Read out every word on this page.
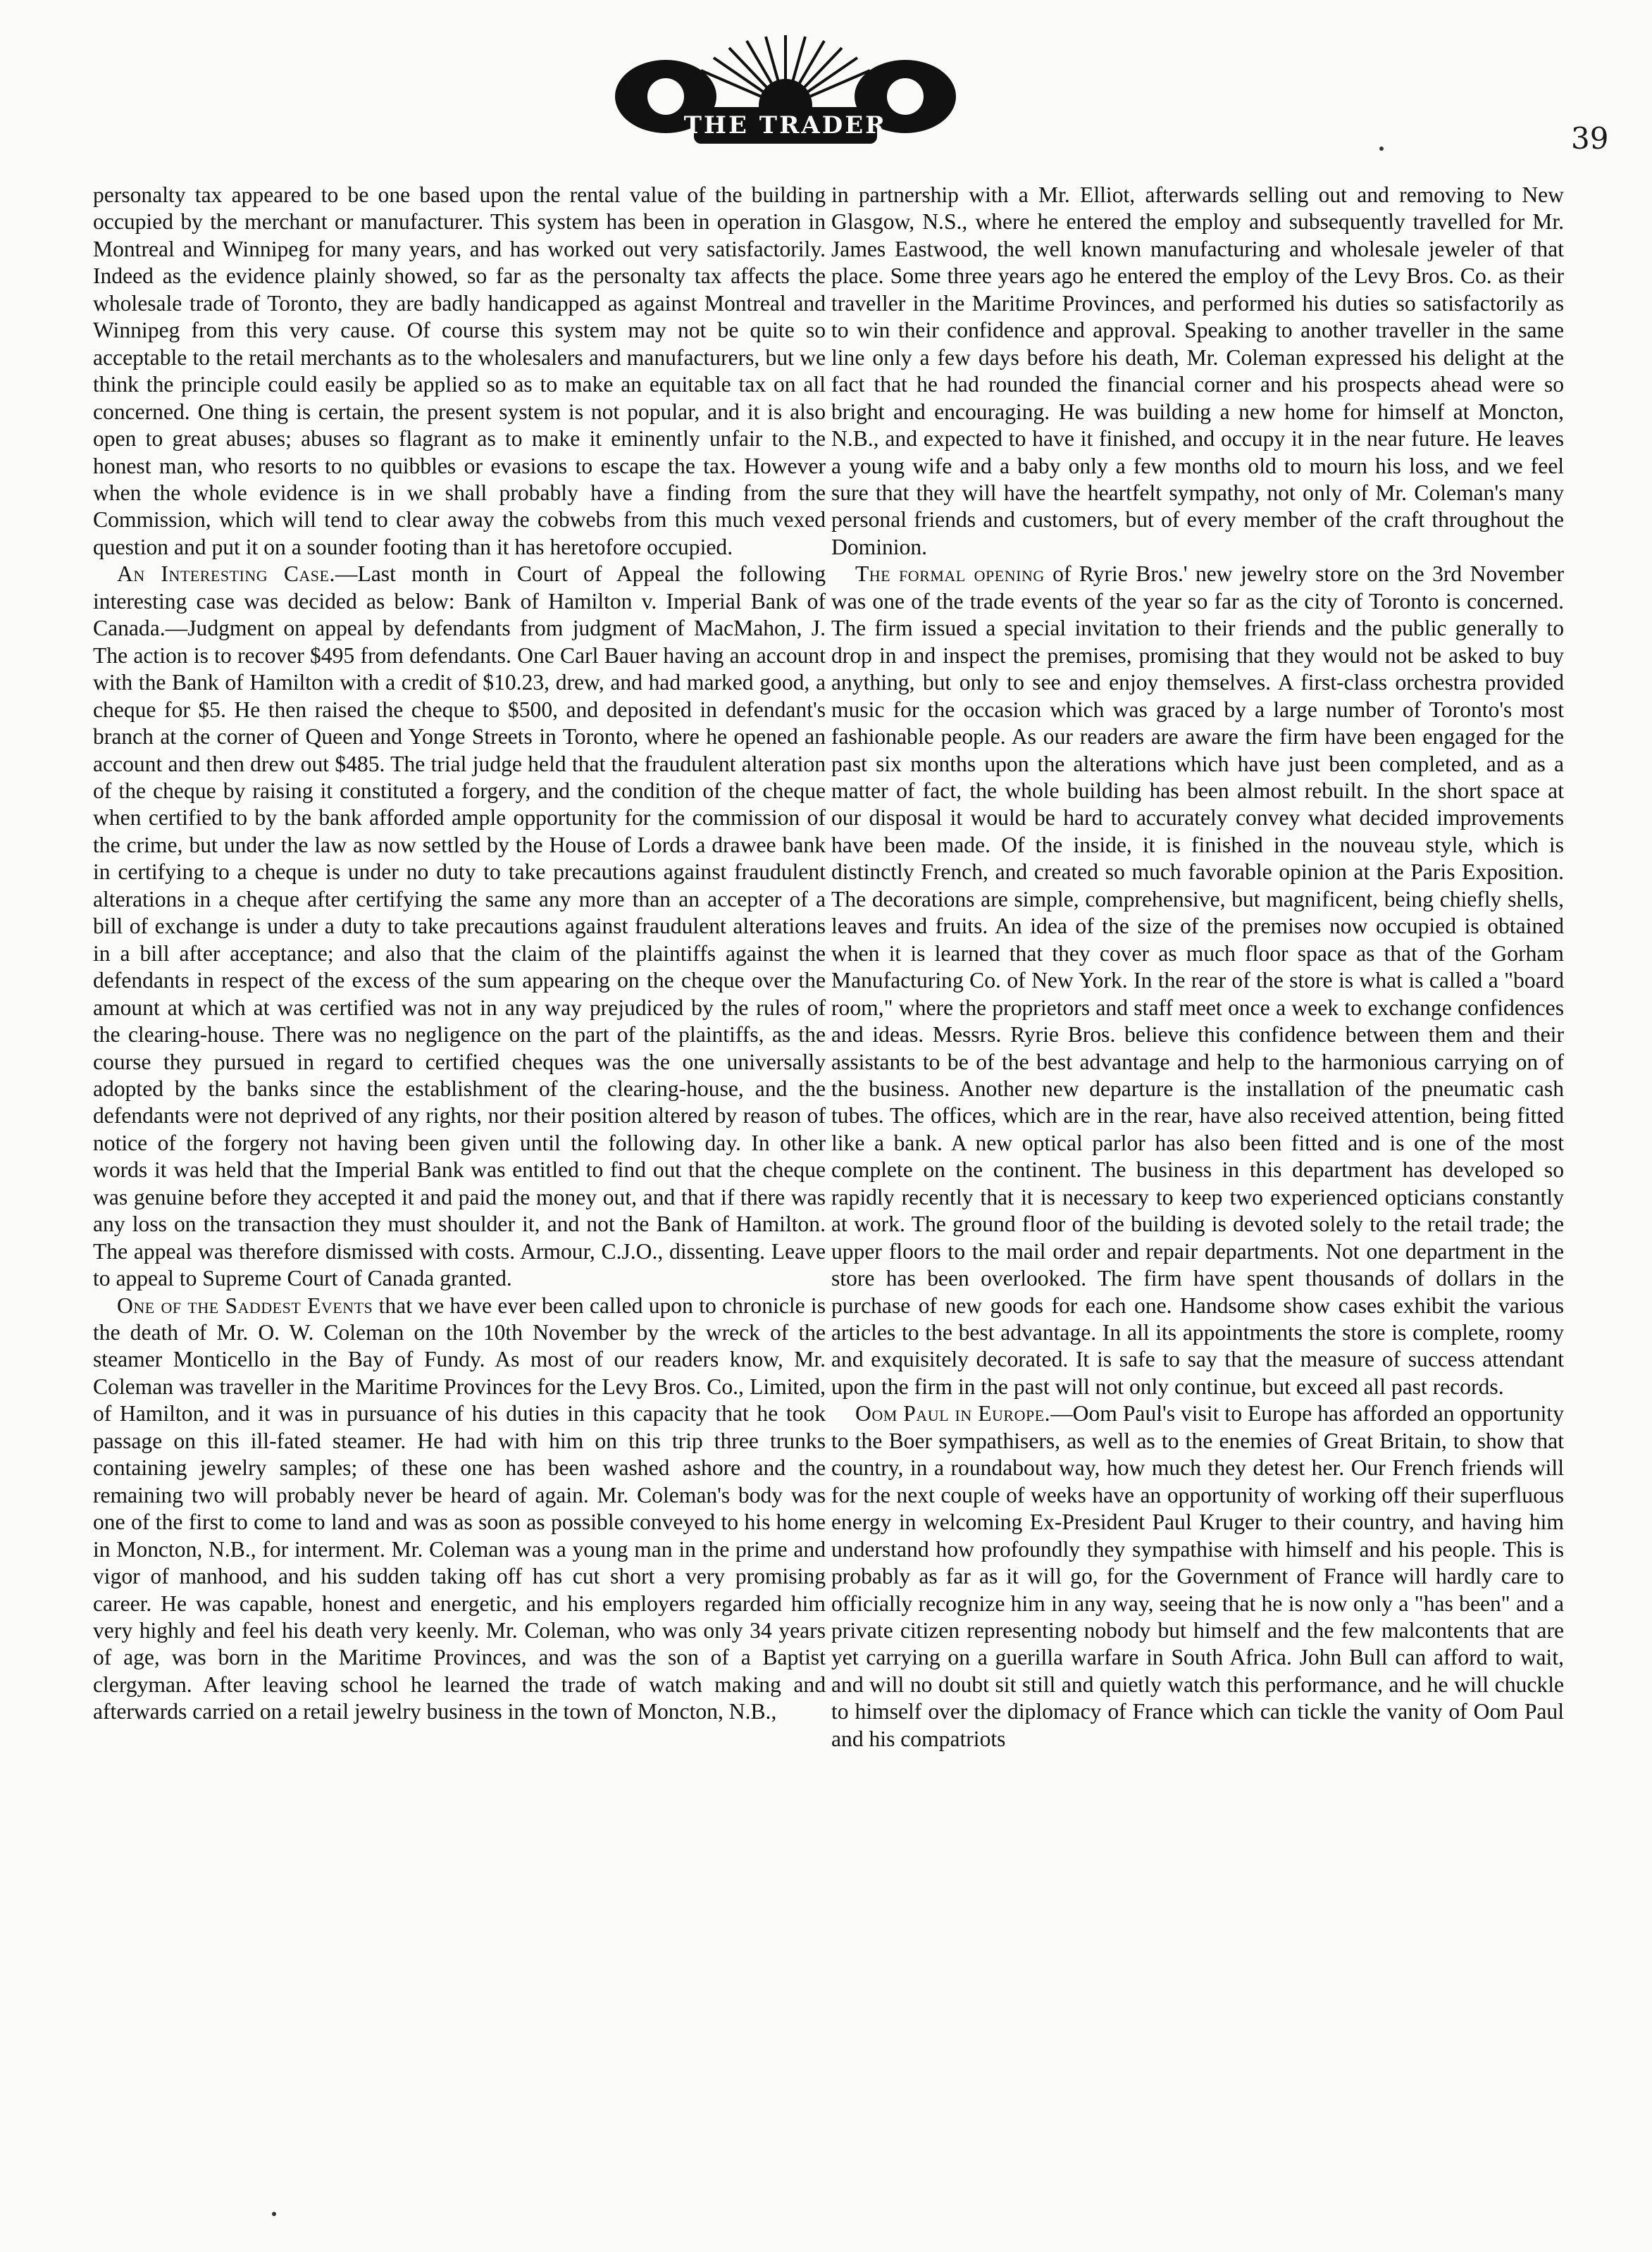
THE TRADER	39

personalty tax appeared to be one based upon the rental value of the building occupied by the merchant or manufacturer. This system has been in operation in Montreal and Winnipeg for many years, and has worked out very satisfactorily. Indeed as the evidence plainly showed, so far as the personalty tax affects the wholesale trade of Toronto, they are badly handicapped as against Montreal and Winnipeg from this very cause. Of course this system may not be quite so acceptable to the retail merchants as to the wholesalers and manufacturers, but we think the principle could easily be applied so as to make an equitable tax on all concerned. One thing is certain, the present system is not popular, and it is also open to great abuses; abuses so flagrant as to make it eminently unfair to the honest man, who resorts to no quibbles or evasions to escape the tax. However when the whole evidence is in we shall probably have a finding from the Commission, which will tend to clear away the cobwebs from this much vexed question and put it on a sounder footing than it has heretofore occupied.

An Interesting Case.—Last month in Court of Appeal the following interesting case was decided as below: Bank of Hamilton v. Imperial Bank of Canada.—Judgment on appeal by defendants from judgment of MacMahon, J. The action is to recover $495 from defendants. One Carl Bauer having an account with the Bank of Hamilton with a credit of $10.23, drew, and had marked good, a cheque for $5. He then raised the cheque to $500, and deposited in defendant's branch at the corner of Queen and Yonge Streets in Toronto, where he opened an account and then drew out $485. The trial judge held that the fraudulent alteration of the cheque by raising it constituted a forgery, and the condition of the cheque when certified to by the bank afforded ample opportunity for the commission of the crime, but under the law as now settled by the House of Lords a drawee bank in certifying to a cheque is under no duty to take precautions against fraudulent alterations in a cheque after certifying the same any more than an accepter of a bill of exchange is under a duty to take precautions against fraudulent alterations in a bill after acceptance; and also that the claim of the plaintiffs against the defendants in respect of the excess of the sum appearing on the cheque over the amount at which at was certified was not in any way prejudiced by the rules of the clearing-house. There was no negligence on the part of the plaintiffs, as the course they pursued in regard to certified cheques was the one universally adopted by the banks since the establishment of the clearing-house, and the defendants were not deprived of any rights, nor their position altered by reason of notice of the forgery not having been given until the following day. In other words it was held that the Imperial Bank was entitled to find out that the cheque was genuine before they accepted it and paid the money out, and that if there was any loss on the transaction they must shoulder it, and not the Bank of Hamilton. The appeal was therefore dismissed with costs. Armour, C.J.O., dissenting. Leave to appeal to Supreme Court of Canada granted.

One of the Saddest Events that we have ever been called upon to chronicle is the death of Mr. O. W. Coleman on the 10th November by the wreck of the steamer Monticello in the Bay of Fundy. As most of our readers know, Mr. Coleman was traveller in the Maritime Provinces for the Levy Bros. Co., Limited, of Hamilton, and it was in pursuance of his duties in this capacity that he took passage on this ill-fated steamer. He had with him on this trip three trunks containing jewelry samples; of these one has been washed ashore and the remaining two will probably never be heard of again. Mr. Coleman's body was one of the first to come to land and was as soon as possible conveyed to his home in Moncton, N.B., for interment. Mr. Coleman was a young man in the prime and vigor of manhood, and his sudden taking off has cut short a very promising career. He was capable, honest and energetic, and his employers regarded him very highly and feel his death very keenly. Mr. Coleman, who was only 34 years of age, was born in the Maritime Provinces, and was the son of a Baptist clergyman. After leaving school he learned the trade of watch making and afterwards carried on a retail jewelry business in the town of Moncton, N.B.,

in partnership with a Mr. Elliot, afterwards selling out and removing to New Glasgow, N.S., where he entered the employ and subsequently travelled for Mr. James Eastwood, the well known manufacturing and wholesale jeweler of that place. Some three years ago he entered the employ of the Levy Bros. Co. as their traveller in the Maritime Provinces, and performed his duties so satisfactorily as to win their confidence and approval. Speaking to another traveller in the same line only a few days before his death, Mr. Coleman expressed his delight at the fact that he had rounded the financial corner and his prospects ahead were so bright and encouraging. He was building a new home for himself at Moncton, N.B., and expected to have it finished, and occupy it in the near future. He leaves a young wife and a baby only a few months old to mourn his loss, and we feel sure that they will have the heartfelt sympathy, not only of Mr. Coleman's many personal friends and customers, but of every member of the craft throughout the Dominion.

The formal opening of Ryrie Bros.' new jewelry store on the 3rd November was one of the trade events of the year so far as the city of Toronto is concerned. The firm issued a special invitation to their friends and the public generally to drop in and inspect the premises, promising that they would not be asked to buy anything, but only to see and enjoy themselves. A first-class orchestra provided music for the occasion which was graced by a large number of Toronto's most fashionable people. As our readers are aware the firm have been engaged for the past six months upon the alterations which have just been completed, and as a matter of fact, the whole building has been almost rebuilt. In the short space at our disposal it would be hard to accurately convey what decided improvements have been made. Of the inside, it is finished in the nouveau style, which is distinctly French, and created so much favorable opinion at the Paris Exposition. The decorations are simple, comprehensive, but magnificent, being chiefly shells, leaves and fruits. An idea of the size of the premises now occupied is obtained when it is learned that they cover as much floor space as that of the Gorham Manufacturing Co. of New York. In the rear of the store is what is called a "board room," where the proprietors and staff meet once a week to exchange confidences and ideas. Messrs. Ryrie Bros. believe this confidence between them and their assistants to be of the best advantage and help to the harmonious carrying on of the business. Another new departure is the installation of the pneumatic cash tubes. The offices, which are in the rear, have also received attention, being fitted like a bank. A new optical parlor has also been fitted and is one of the most complete on the continent. The business in this department has developed so rapidly recently that it is necessary to keep two experienced opticians constantly at work. The ground floor of the building is devoted solely to the retail trade; the upper floors to the mail order and repair departments. Not one department in the store has been overlooked. The firm have spent thousands of dollars in the purchase of new goods for each one. Handsome show cases exhibit the various articles to the best advantage. In all its appointments the store is complete, roomy and exquisitely decorated. It is safe to say that the measure of success attendant upon the firm in the past will not only continue, but exceed all past records.

Oom Paul in Europe.—Oom Paul's visit to Europe has afforded an opportunity to the Boer sympathisers, as well as to the enemies of Great Britain, to show that country, in a roundabout way, how much they detest her. Our French friends will for the next couple of weeks have an opportunity of working off their superfluous energy in welcoming Ex-President Paul Kruger to their country, and having him understand how profoundly they sympathise with himself and his people. This is probably as far as it will go, for the Government of France will hardly care to officially recognize him in any way, seeing that he is now only a "has been" and a private citizen representing nobody but himself and the few malcontents that are yet carrying on a guerilla warfare in South Africa. John Bull can afford to wait, and will no doubt sit still and quietly watch this performance, and he will chuckle to himself over the diplomacy of France which can tickle the vanity of Oom Paul and his compatriots
